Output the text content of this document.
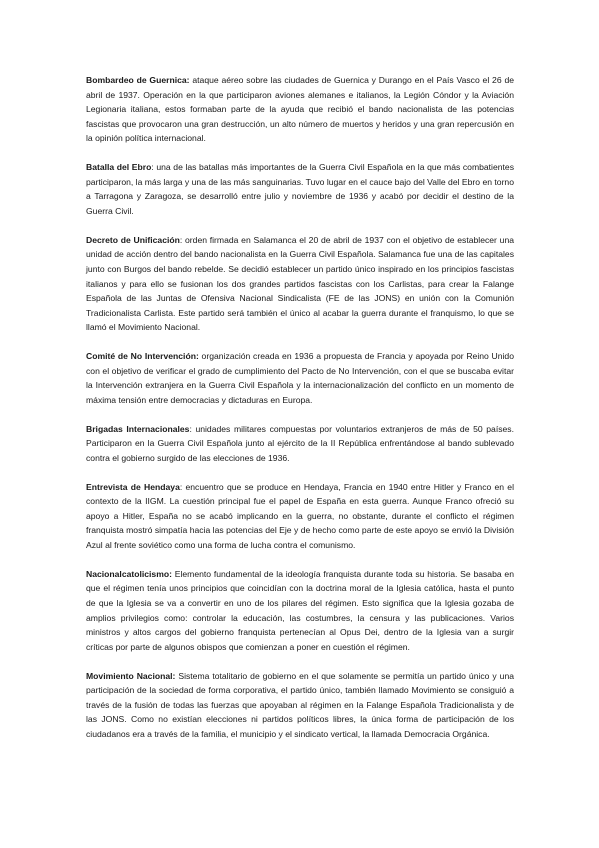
Bombardeo de Guernica: ataque aéreo sobre las ciudades de Guernica y Durango en el País Vasco el 26 de abril de 1937. Operación en la que participaron aviones alemanes e italianos, la Legión Cóndor y la Aviación Legionaria italiana, estos formaban parte de la ayuda que recibió el bando nacionalista de las potencias fascistas que provocaron una gran destrucción, un alto número de muertos y heridos y una gran repercusión en la opinión política internacional.

Batalla del Ebro: una de las batallas más importantes de la Guerra Civil Española en la que más combatientes participaron, la más larga y una de las más sanguinarias. Tuvo lugar en el cauce bajo del Valle del Ebro en torno a Tarragona y Zaragoza, se desarrolló entre julio y noviembre de 1936 y acabó por decidir el destino de la Guerra Civil.

Decreto de Unificación: orden firmada en Salamanca el 20 de abril de 1937 con el objetivo de establecer una unidad de acción dentro del bando nacionalista en la Guerra Civil Española. Salamanca fue una de las capitales junto con Burgos del bando rebelde. Se decidió establecer un partido único inspirado en los principios fascistas italianos y para ello se fusionan los dos grandes partidos fascistas con los Carlistas, para crear la Falange Española de las Juntas de Ofensiva Nacional Sindicalista (FE de las JONS) en unión con la Comunión Tradicionalista Carlista. Este partido será también el único al acabar la guerra durante el franquismo, lo que se llamó el Movimiento Nacional.

Comité de No Intervención: organización creada en 1936 a propuesta de Francia y apoyada por Reino Unido con el objetivo de verificar el grado de cumplimiento del Pacto de No Intervención, con el que se buscaba evitar la Intervención extranjera en la Guerra Civil Española y la internacionalización del conflicto en un momento de máxima tensión entre democracias y dictaduras en Europa.

Brigadas Internacionales: unidades militares compuestas por voluntarios extranjeros de más de 50 países. Participaron en la Guerra Civil Española junto al ejército de la II República enfrentándose al bando sublevado contra el gobierno surgido de las elecciones de 1936.

Entrevista de Hendaya: encuentro que se produce en Hendaya, Francia en 1940 entre Hitler y Franco en el contexto de la IIGM. La cuestión principal fue el papel de España en esta guerra. Aunque Franco ofreció su apoyo a Hitler, España no se acabó implicando en la guerra, no obstante, durante el conflicto el régimen franquista mostró simpatía hacia las potencias del Eje y de hecho como parte de este apoyo se envió la División Azul al frente soviético como una forma de lucha contra el comunismo.

Nacionalcatolicismo: Elemento fundamental de la ideología franquista durante toda su historia. Se basaba en que el régimen tenía unos principios que coincidían con la doctrina moral de la Iglesia católica, hasta el punto de que la Iglesia se va a convertir en uno de los pilares del régimen. Esto significa que la Iglesia gozaba de amplios privilegios como: controlar la educación, las costumbres, la censura y las publicaciones. Varios ministros y altos cargos del gobierno franquista pertenecían al Opus Dei, dentro de la Iglesia van a surgir críticas por parte de algunos obispos que comienzan a poner en cuestión el régimen.

Movimiento Nacional: Sistema totalitario de gobierno en el que solamente se permitía un partido único y una participación de la sociedad de forma corporativa, el partido único, también llamado Movimiento se consiguió a través de la fusión de todas las fuerzas que apoyaban al régimen en la Falange Española Tradicionalista y de las JONS. Como no existían elecciones ni partidos políticos libres, la única forma de participación de los ciudadanos era a través de la familia, el municipio y el sindicato vertical, la llamada Democracia Orgánica.
